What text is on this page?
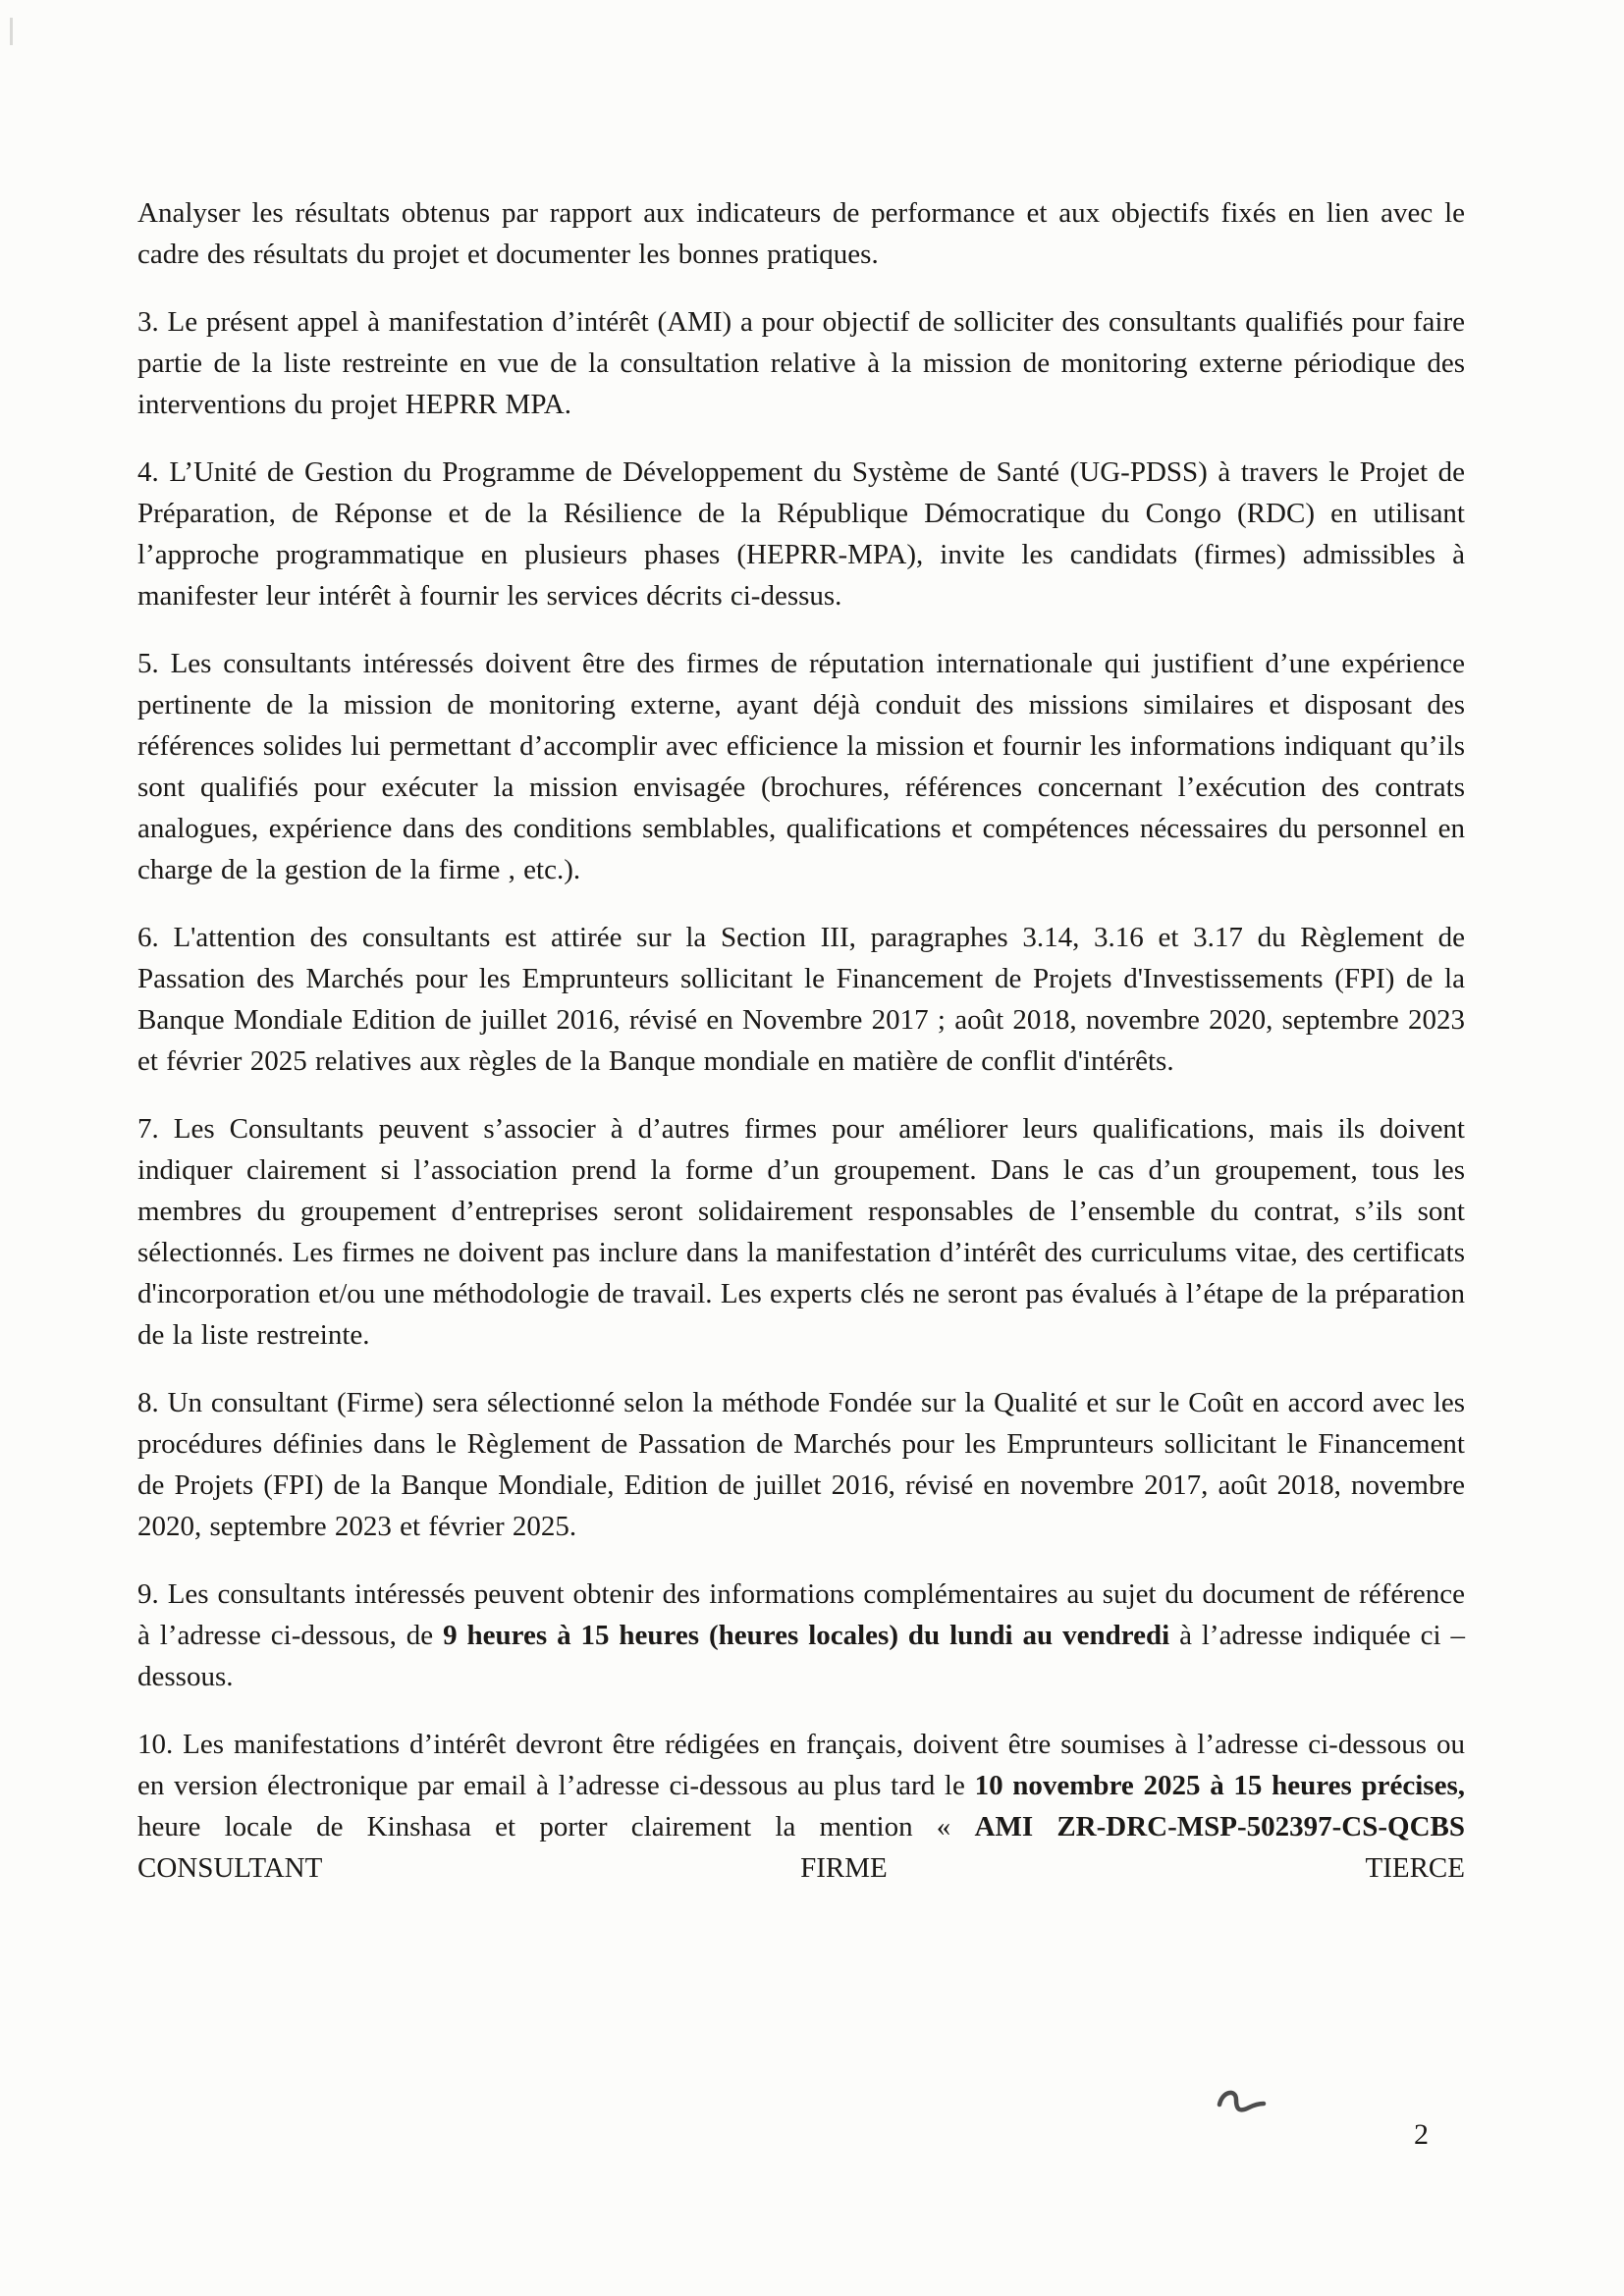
Analyser les résultats obtenus par rapport aux indicateurs de performance et aux objectifs fixés en lien avec le cadre des résultats du projet et documenter les bonnes pratiques.

3. Le présent appel à manifestation d’intérêt (AMI) a pour objectif de solliciter des consultants qualifiés pour faire partie de la liste restreinte en vue de la consultation relative à la mission de monitoring externe périodique des interventions du projet HEPRR MPA.

4. L’Unité de Gestion du Programme de Développement du Système de Santé (UG-PDSS) à travers le Projet de Préparation, de Réponse et de la Résilience de la République Démocratique du Congo (RDC) en utilisant l’approche programmatique en plusieurs phases (HEPRR-MPA), invite les candidats (firmes) admissibles à manifester leur intérêt à fournir les services décrits ci-dessus.

5. Les consultants intéressés doivent être des firmes de réputation internationale qui justifient d’une expérience pertinente de la mission de monitoring externe, ayant déjà conduit des missions similaires et disposant des références solides lui permettant d’accomplir avec efficience la mission et fournir les informations indiquant qu’ils sont qualifiés pour exécuter la mission envisagée (brochures, références concernant l’exécution des contrats analogues, expérience dans des conditions semblables, qualifications et compétences nécessaires du personnel en charge de la gestion de la firme , etc.).

6. L'attention des consultants est attirée sur la Section III, paragraphes 3.14, 3.16 et 3.17 du Règlement de Passation des Marchés pour les Emprunteurs sollicitant le Financement de Projets d'Investissements (FPI) de la Banque Mondiale Edition de juillet 2016, révisé en Novembre 2017 ; août 2018, novembre 2020, septembre 2023 et février 2025 relatives aux règles de la Banque mondiale en matière de conflit d'intérêts.

7. Les Consultants peuvent s’associer à d’autres firmes pour améliorer leurs qualifications, mais ils doivent indiquer clairement si l’association prend la forme d’un groupement. Dans le cas d’un groupement, tous les membres du groupement d’entreprises seront solidairement responsables de l’ensemble du contrat, s’ils sont sélectionnés. Les firmes ne doivent pas inclure dans la manifestation d’intérêt des curriculums vitae, des certificats d'incorporation et/ou une méthodologie de travail. Les experts clés ne seront pas évalués à l’étape de la préparation de la liste restreinte.

8. Un consultant (Firme) sera sélectionné selon la méthode Fondée sur la Qualité et sur le Coût en accord avec les procédures définies dans le Règlement de Passation de Marchés pour les Emprunteurs sollicitant le Financement de Projets (FPI) de la Banque Mondiale, Edition de juillet 2016, révisé en novembre 2017, août 2018, novembre 2020, septembre 2023 et février 2025.

9. Les consultants intéressés peuvent obtenir des informations complémentaires au sujet du document de référence à l’adresse ci-dessous, de 9 heures à 15 heures (heures locales) du lundi au vendredi à l’adresse indiquée ci – dessous.

10. Les manifestations d’intérêt devront être rédigées en français, doivent être soumises à l’adresse ci-dessous ou en version électronique par email à l’adresse ci-dessous au plus tard le 10 novembre 2025 à 15 heures précises, heure locale de Kinshasa et porter clairement la mention « AMI ZR-DRC-MSP-502397-CS-QCBS CONSULTANT FIRME TIERCE

2
